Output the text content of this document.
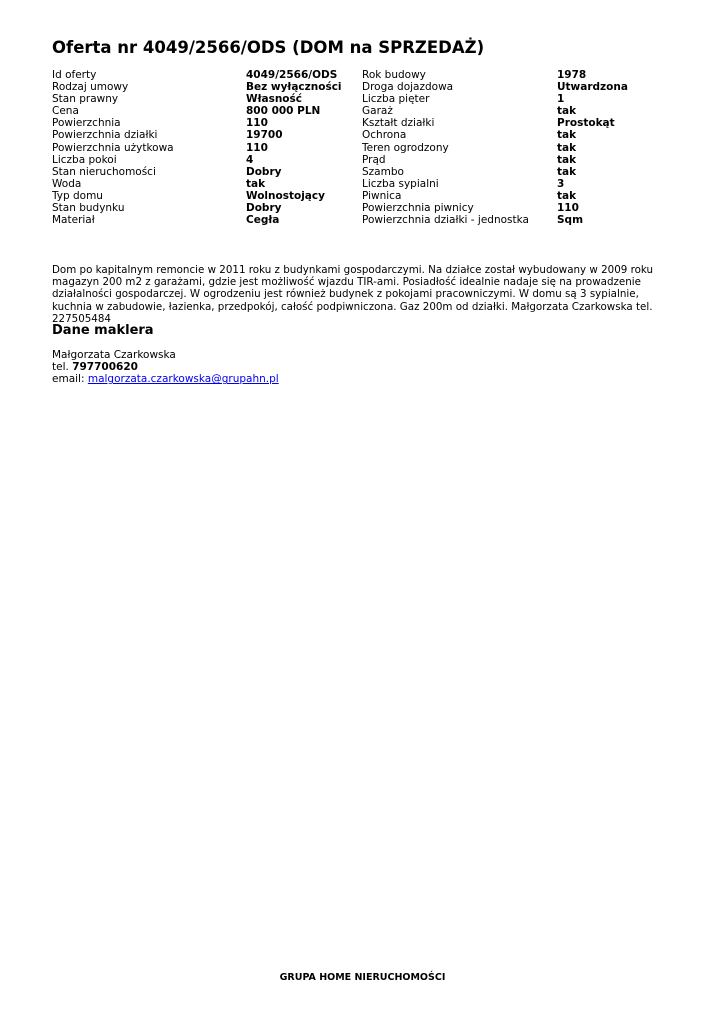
Oferta nr 4049/2566/ODS (DOM na SPRZEDAŻ)
Id oferty	4049/2566/ODS	Rok budowy	1978
Rodzaj umowy	Bez wyłączności	Droga dojazdowa	Utwardzona
Stan prawny	Własność	Liczba pięter	1
Cena	800 000 PLN	Garaż	tak
Powierzchnia	110	Kształt działki	Prostokąt
Powierzchnia działki	19700	Ochrona	tak
Powierzchnia użytkowa	110	Teren ogrodzony	tak
Liczba pokoi	4	Prąd	tak
Stan nieruchomości	Dobry	Szambo	tak
Woda	tak	Liczba sypialni	3
Typ domu	Wolnostojący	Piwnica	tak
Stan budynku	Dobry	Powierzchnia piwnicy	110
Materiał	Cegła	Powierzchnia działki - jednostka	Sqm

Dom po kapitalnym remoncie w 2011 roku z budynkami gospodarczymi. Na działce został wybudowany w 2009 roku magazyn 200 m2 z garażami, gdzie jest możliwość wjazdu TIR-ami. Posiadłość idealnie nadaje się na prowadzenie działalności gospodarczej. W ogrodzeniu jest również budynek z pokojami pracowniczymi. W domu są 3 sypialnie, kuchnia w zabudowie, łazienka, przedpokój, całość podpiwniczona. Gaz 200m od działki. Małgorzata Czarkowska tel. 227505484

Dane maklera
Małgorzata Czarkowska
tel. 797700620
email: malgorzata.czarkowska@grupahn.pl
GRUPA HOME NIERUCHOMOŚCI
